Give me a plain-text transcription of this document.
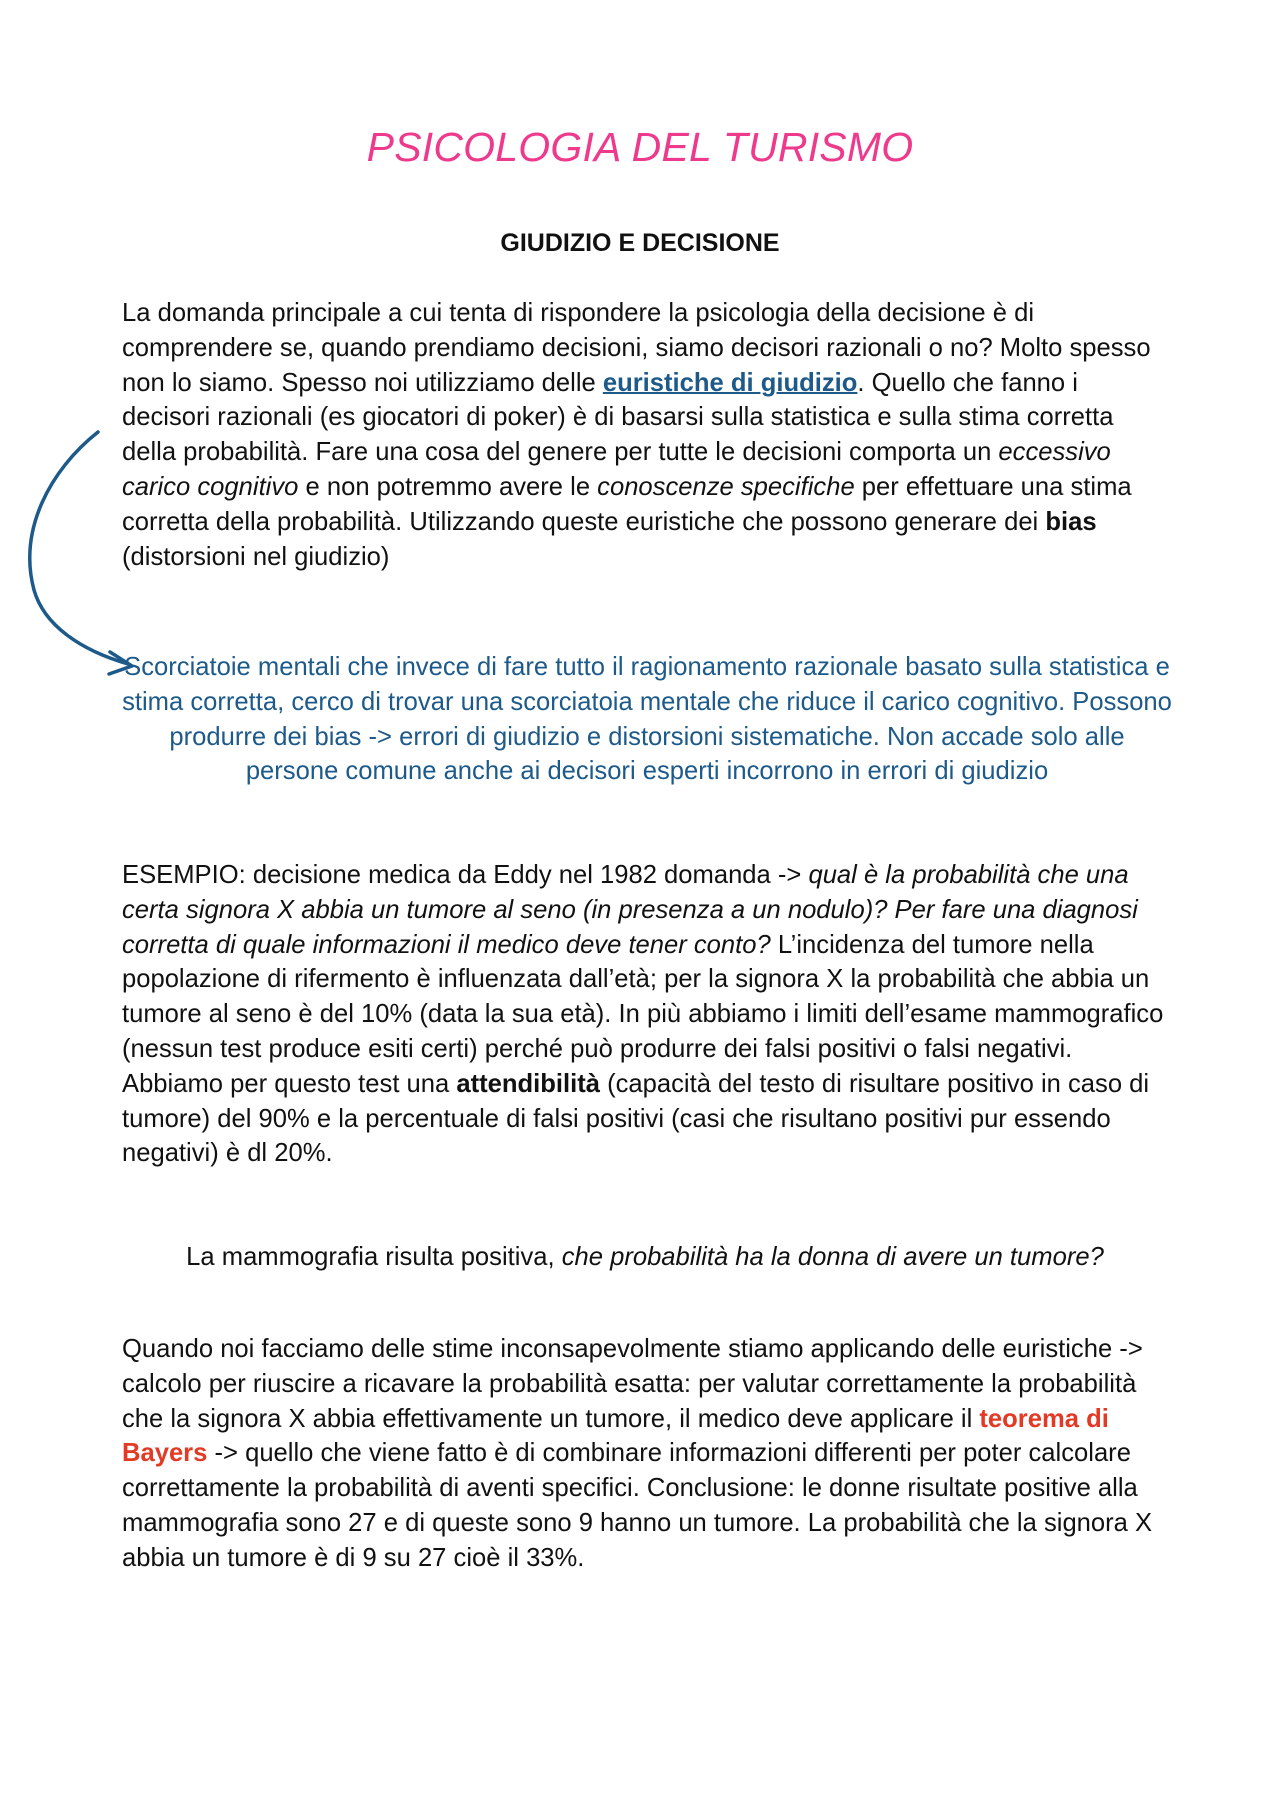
PSICOLOGIA DEL TURISMO
GIUDIZIO E DECISIONE

La domanda principale a cui tenta di rispondere la psicologia della decisione è di comprendere se, quando prendiamo decisioni, siamo decisori razionali o no? Molto spesso non lo siamo. Spesso noi utilizziamo delle euristiche di giudizio. Quello che fanno i decisori razionali (es giocatori di poker) è di basarsi sulla statistica e sulla stima corretta della probabilità. Fare una cosa del genere per tutte le decisioni comporta un eccessivo carico cognitivo e non potremmo avere le conoscenze specifiche per effettuare una stima corretta della probabilità. Utilizzando queste euristiche che possono generare dei bias (distorsioni nel giudizio)

Scorciatoie mentali che invece di fare tutto il ragionamento razionale basato sulla statistica e stima corretta, cerco di trovar una scorciatoia mentale che riduce il carico cognitivo. Possono produrre dei bias -> errori di giudizio e distorsioni sistematiche. Non accade solo alle persone comune anche ai decisori esperti incorrono in errori di giudizio

ESEMPIO: decisione medica da Eddy nel 1982 domanda -> qual è la probabilità che una certa signora X abbia un tumore al seno (in presenza a un nodulo)? Per fare una diagnosi corretta di quale informazioni il medico deve tener conto? L’incidenza del tumore nella popolazione di rifermento è influenzata dall’età; per la signora X la probabilità che abbia un tumore al seno è del 10% (data la sua età). In più abbiamo i limiti dell’esame mammografico (nessun test produce esiti certi) perché può produrre dei falsi positivi o falsi negativi. Abbiamo per questo test una attendibilità (capacità del testo di risultare positivo in caso di tumore) del 90% e la percentuale di falsi positivi (casi che risultano positivi pur essendo negativi) è dl 20%.

La mammografia risulta positiva, che probabilità ha la donna di avere un tumore?

Quando noi facciamo delle stime inconsapevolmente stiamo applicando delle euristiche -> calcolo per riuscire a ricavare la probabilità esatta: per valutar correttamente la probabilità che la signora X abbia effettivamente un tumore, il medico deve applicare il teorema di Bayers -> quello che viene fatto è di combinare informazioni differenti per poter calcolare correttamente la probabilità di aventi specifici. Conclusione: le donne risultate positive alla mammografia sono 27 e di queste sono 9 hanno un tumore. La probabilità che la signora X abbia un tumore è di 9 su 27 cioè il 33%.
